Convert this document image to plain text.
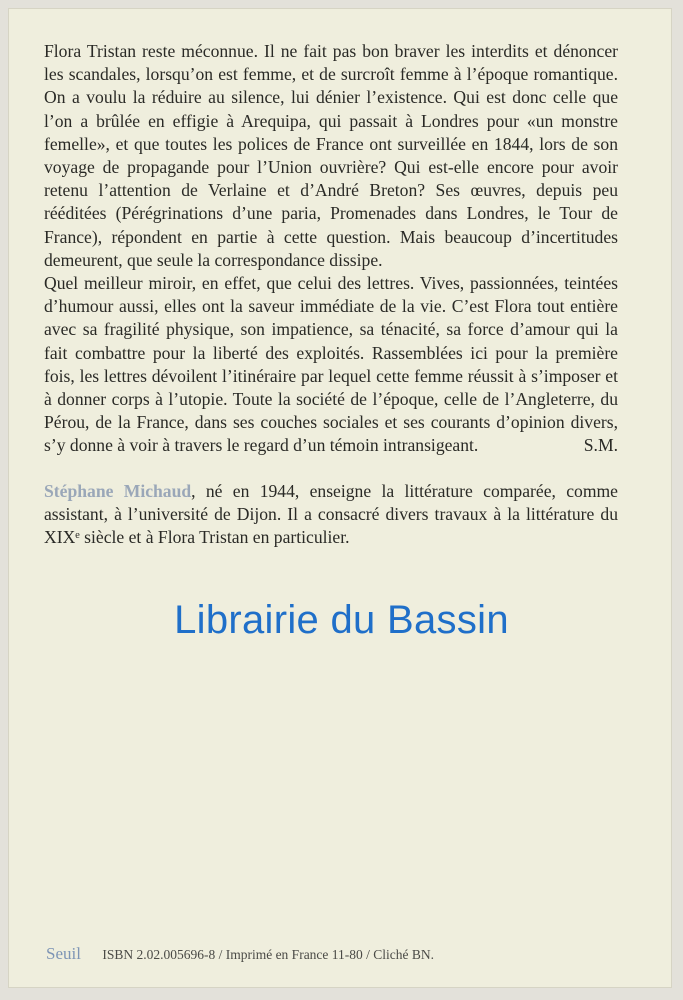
Flora Tristan reste méconnue. Il ne fait pas bon braver les interdits et dénoncer les scandales, lorsqu’on est femme, et de surcroît femme à l’époque romantique. On a voulu la réduire au silence, lui dénier l’existence. Qui est donc celle que l’on a brûlée en effigie à Arequipa, qui passait à Londres pour «un monstre femelle», et que toutes les polices de France ont surveillée en 1844, lors de son voyage de propagande pour l’Union ouvrière? Qui est-elle encore pour avoir retenu l’attention de Verlaine et d’André Breton? Ses œuvres, depuis peu rééditées (Pérégrinations d’une paria, Promenades dans Londres, le Tour de France), répondent en partie à cette question. Mais beaucoup d’incertitudes demeurent, que seule la correspondance dissipe.

Quel meilleur miroir, en effet, que celui des lettres. Vives, passionnées, teintées d’humour aussi, elles ont la saveur immédiate de la vie. C’est Flora tout entière avec sa fragilité physique, son impatience, sa ténacité, sa force d’amour qui la fait combattre pour la liberté des exploités. Rassemblées ici pour la première fois, les lettres dévoilent l’itinéraire par lequel cette femme réussit à s’imposer et à donner corps à l’utopie. Toute la société de l’époque, celle de l’Angleterre, du Pérou, de la France, dans ses couches sociales et ses courants d’opinion divers, s’y donne à voir à travers le regard d’un témoin intransigeant.	S.M.

Stéphane Michaud, né en 1944, enseigne la littérature comparée, comme assistant, à l’université de Dijon. Il a consacré divers travaux à la littérature du XIXᵉ siècle et à Flora Tristan en particulier.

Librairie du Bassin
Seuil ISBN 2.02.005696-8 / Imprimé en France 11-80 / Cliché BN.
